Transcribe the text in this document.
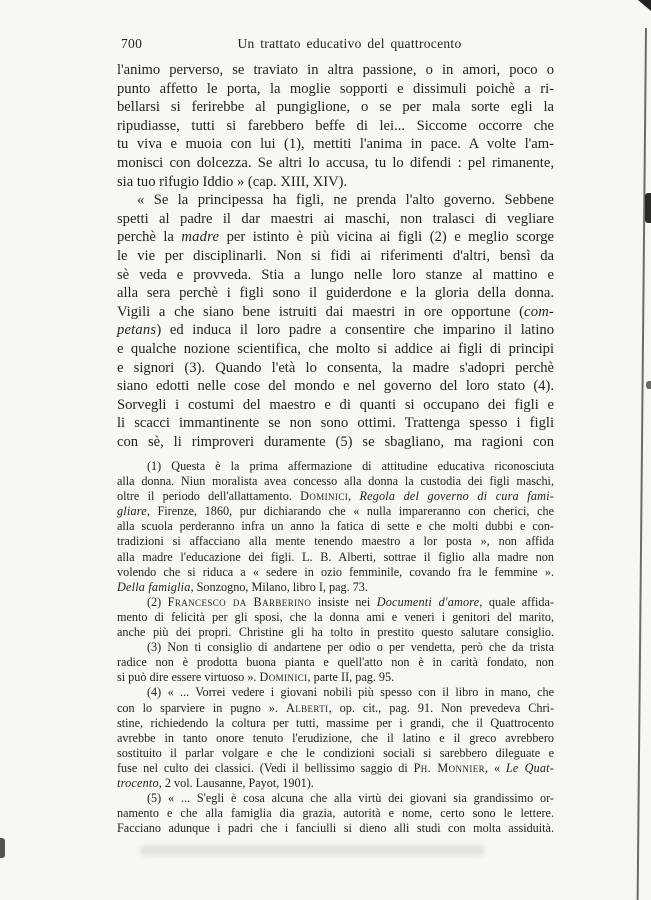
700	Un trattato educativo del quattrocento
l'animo perverso, se traviato in altra passione, o in amori, poco o
punto affetto le porta, la moglie sopporti e dissimuli poichè a ri-
bellarsi si ferirebbe al pungiglione, o se per mala sorte egli la
ripudiasse, tutti si farebbero beffe di lei... Siccome occorre che
tu viva e muoia con lui (1), mettiti l'anima in pace. A volte l'am-
monisci con dolcezza. Se altri lo accusa, tu lo difendi : pel rimanente,
sia tuo rifugio Iddio » (cap. XIII, XIV).
« Se la principessa ha figli, ne prenda l'alto governo. Sebbene
spetti al padre il dar maestri ai maschi, non tralasci di vegliare
perchè la madre per istinto è più vicina ai figli (2) e meglio scorge
le vie per disciplinarli. Non si fidi ai riferimenti d'altri, bensì da
sè veda e provveda. Stia a lungo nelle loro stanze al mattino e
alla sera perchè i figli sono il guiderdone e la gloria della donna.
Vigili a che siano bene istruiti dai maestri in ore opportune (com-
petans) ed induca il loro padre a consentire che imparino il latino
e qualche nozione scientifica, che molto si addice ai figli di principi
e signori (3). Quando l'età lo consenta, la madre s'adopri perchè
siano edotti nelle cose del mondo e nel governo del loro stato (4).
Sorvegli i costumi del maestro e di quanti si occupano dei figli e
li scacci immantinente se non sono ottimi. Trattenga spesso i figli
con sè, li rimproveri duramente (5) se sbagliano, ma ragioni con
(1) Questa è la prima affermazione di attitudine educativa riconosciuta
alla donna. Niun moralista avea concesso alla donna la custodia dei figli maschi,
oltre il periodo dell'allattamento. Dominici, Regola del governo di cura fami-
gliare, Firenze, 1860, pur dichiarando che « nulla impareranno con cherici, che
alla scuola perderanno infra un anno la fatica di sette e che molti dubbi e con-
tradizioni si affacciano alla mente tenendo maestro a lor posta », non affida
alla madre l'educazione dei figli. L. B. Alberti, sottrae il figlio alla madre non
volendo che si riduca a « sedere in ozio femminile, covando fra le femmine ».
Della famiglia, Sonzogno, Milano, libro I, pag. 73.
(2) Francesco da Barberino insiste nei Documenti d'amore, quale affida-
mento di felicità per gli sposi, che la donna ami e veneri i genitori del marito,
anche più dei propri. Christine gli ha tolto in prestito questo salutare consiglio.
(3) Non ti consiglio di andartene per odio o per vendetta, però che da trista
radice non è prodotta buona pianta e quell'atto non è in carità fondato, non
si può dire essere virtuoso ». Dominici, parte II, pag. 95.
(4) « ... Vorrei vedere i giovani nobili più spesso con il libro in mano, che
con lo sparviere in pugno ». Alberti, op. cit., pag. 91. Non prevedeva Chri-
stine, richiedendo la coltura per tutti, massime per i grandi, che il Quattrocento
avrebbe in tanto onore tenuto l'erudizione, che il latino e il greco avrebbero
sostituito il parlar volgare e che le condizioni sociali si sarebbero dileguate e
fuse nel culto dei classici. (Vedi il bellissimo saggio di Ph. Monnier, « Le Quat-
trocento, 2 vol. Lausanne, Payot, 1901).
(5) « ... S'egli è cosa alcuna che alla virtù dei giovani sia grandissimo or-
namento e che alla famiglia dia grazia, autorità e nome, certo sono le lettere.
Facciano adunque i padri che i fanciulli si dieno alli studi con molta assiduità.
